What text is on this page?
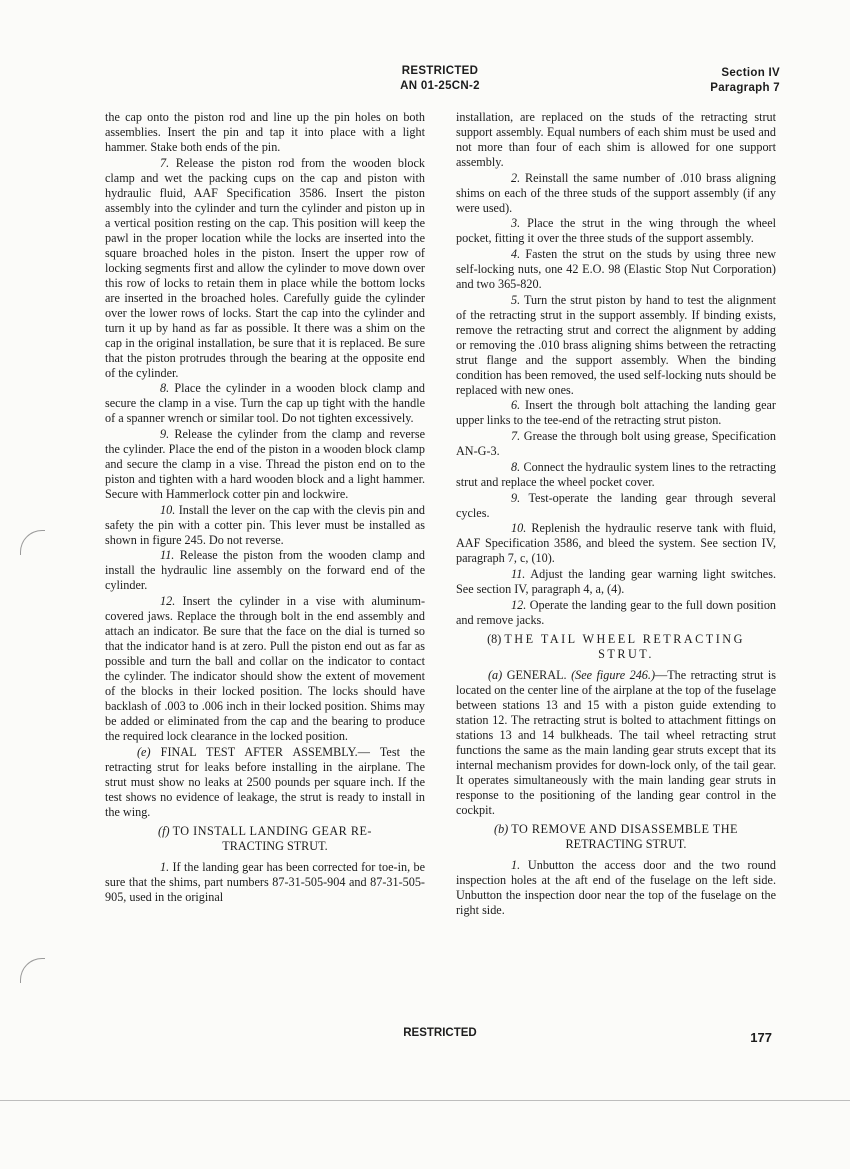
RESTRICTED
AN 01-25CN-2
Section IV
Paragraph 7

the cap onto the piston rod and line up the pin holes on both assemblies. Insert the pin and tap it into place with a light hammer. Stake both ends of the pin.

7. Release the piston rod from the wooden block clamp and wet the packing cups on the cap and piston with hydraulic fluid, AAF Specification 3586. Insert the piston assembly into the cylinder and turn the cylinder and piston up in a vertical position resting on the cap. This position will keep the pawl in the proper location while the locks are inserted into the square broached holes in the piston. Insert the upper row of locking segments first and allow the cylinder to move down over this row of locks to retain them in place while the bottom locks are inserted in the broached holes. Carefully guide the cylinder over the lower rows of locks. Start the cap into the cylinder and turn it up by hand as far as possible. It there was a shim on the cap in the original installation, be sure that it is replaced. Be sure that the piston protrudes through the bearing at the opposite end of the cylinder.

8. Place the cylinder in a wooden block clamp and secure the clamp in a vise. Turn the cap up tight with the handle of a spanner wrench or similar tool. Do not tighten excessively.

9. Release the cylinder from the clamp and reverse the cylinder. Place the end of the piston in a wooden block clamp and secure the clamp in a vise. Thread the piston end on to the piston and tighten with a hard wooden block and a light hammer. Secure with Hammerlock cotter pin and lockwire.

10. Install the lever on the cap with the clevis pin and safety the pin with a cotter pin. This lever must be installed as shown in figure 245. Do not reverse.

11. Release the piston from the wooden clamp and install the hydraulic line assembly on the forward end of the cylinder.

12. Insert the cylinder in a vise with aluminum-covered jaws. Replace the through bolt in the end assembly and attach an indicator. Be sure that the face on the dial is turned so that the indicator hand is at zero. Pull the piston end out as far as possible and turn the ball and collar on the indicator to contact the cylinder. The indicator should show the extent of movement of the blocks in their locked position. The locks should have backlash of .003 to .006 inch in their locked position. Shims may be added or eliminated from the cap and the bearing to produce the required lock clearance in the locked position.

(e) FINAL TEST AFTER ASSEMBLY.— Test the retracting strut for leaks before installing in the airplane. The strut must show no leaks at 2500 pounds per square inch. If the test shows no evidence of leakage, the strut is ready to install in the wing.

(f) TO INSTALL LANDING GEAR RE-
TRACTING STRUT.

1. If the landing gear has been corrected for toe-in, be sure that the shims, part numbers 87-31-505-904 and 87-31-505-905, used in the original

installation, are replaced on the studs of the retracting strut support assembly. Equal numbers of each shim must be used and not more than four of each shim is allowed for one support assembly.

2. Reinstall the same number of .010 brass aligning shims on each of the three studs of the support assembly (if any were used).

3. Place the strut in the wing through the wheel pocket, fitting it over the three studs of the support assembly.

4. Fasten the strut on the studs by using three new self-locking nuts, one 42 E.O. 98 (Elastic Stop Nut Corporation) and two 365-820.

5. Turn the strut piston by hand to test the alignment of the retracting strut in the support assembly. If binding exists, remove the retracting strut and correct the alignment by adding or removing the .010 brass aligning shims between the retracting strut flange and the support assembly. When the binding condition has been removed, the used self-locking nuts should be replaced with new ones.

6. Insert the through bolt attaching the landing gear upper links to the tee-end of the retracting strut piston.

7. Grease the through bolt using grease, Specification AN-G-3.

8. Connect the hydraulic system lines to the retracting strut and replace the wheel pocket cover.

9. Test-operate the landing gear through several cycles.

10. Replenish the hydraulic reserve tank with fluid, AAF Specification 3586, and bleed the system. See section IV, paragraph 7, c, (10).

11. Adjust the landing gear warning light switches. See section IV, paragraph 4, a, (4).

12. Operate the landing gear to the full down position and remove jacks.

(8) THE TAIL WHEEL RETRACTING
STRUT.

(a) GENERAL. (See figure 246.)—The retracting strut is located on the center line of the airplane at the top of the fuselage between stations 13 and 15 with a piston guide extending to station 12. The retracting strut is bolted to attachment fittings on stations 13 and 14 bulkheads. The tail wheel retracting strut functions the same as the main landing gear struts except that its internal mechanism provides for down-lock only, of the tail gear. It operates simultaneously with the main landing gear struts in response to the positioning of the landing gear control in the cockpit.

(b) TO REMOVE AND DISASSEMBLE THE
RETRACTING STRUT.

1. Unbutton the access door and the two round inspection holes at the aft end of the fuselage on the left side. Unbutton the inspection door near the top of the fuselage on the right side.

RESTRICTED	177
